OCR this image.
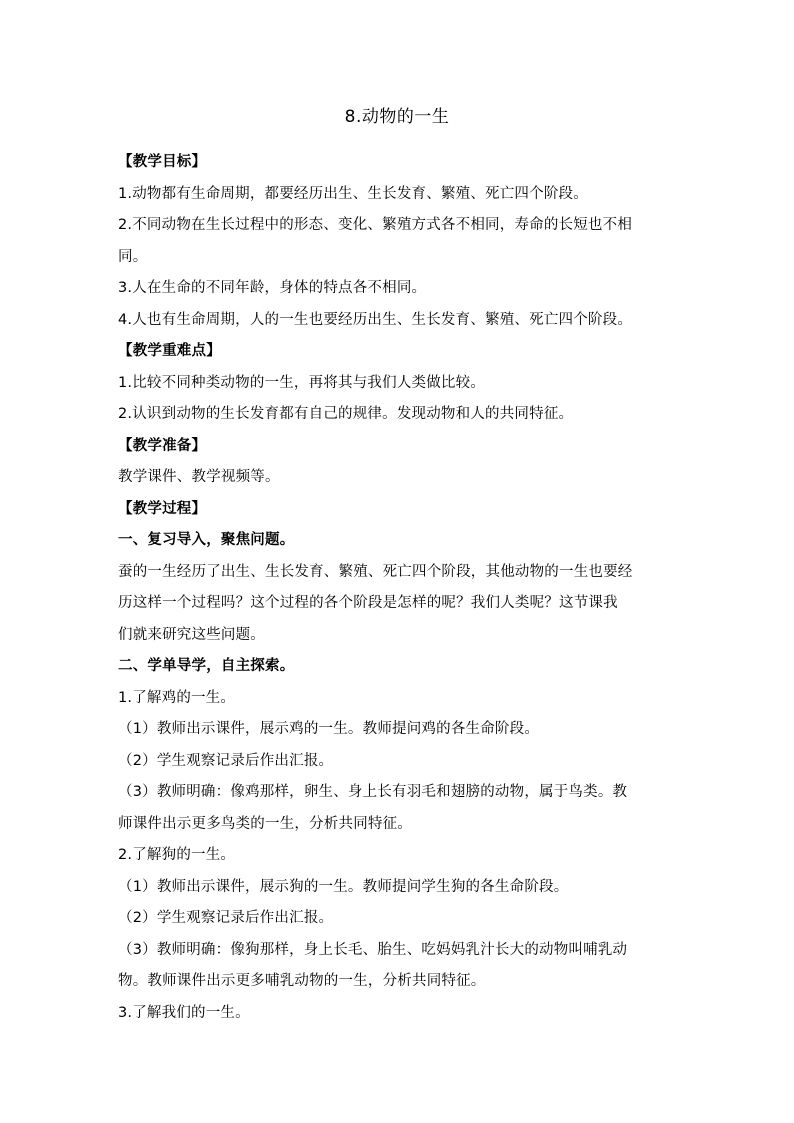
8.动物的一生
【教学目标】
1.动物都有生命周期，都要经历出生、生长发育、繁殖、死亡四个阶段。
2.不同动物在生长过程中的形态、变化、繁殖方式各不相同，寿命的长短也不相
同。
3.人在生命的不同年龄，身体的特点各不相同。
4.人也有生命周期，人的一生也要经历出生、生长发育、繁殖、死亡四个阶段。
【教学重难点】
1.比较不同种类动物的一生，再将其与我们人类做比较。
2.认识到动物的生长发育都有自己的规律。发现动物和人的共同特征。
【教学准备】
教学课件、教学视频等。
【教学过程】
一、复习导入，聚焦问题。
蚕的一生经历了出生、生长发育、繁殖、死亡四个阶段，其他动物的一生也要经
历这样一个过程吗？这个过程的各个阶段是怎样的呢？我们人类呢？这节课我
们就来研究这些问题。
二、学单导学，自主探索。
1.了解鸡的一生。
（1）教师出示课件，展示鸡的一生。教师提问鸡的各生命阶段。
（2）学生观察记录后作出汇报。
（3）教师明确：像鸡那样，卵生、身上长有羽毛和翅膀的动物，属于鸟类。教
师课件出示更多鸟类的一生，分析共同特征。
2.了解狗的一生。
（1）教师出示课件，展示狗的一生。教师提问学生狗的各生命阶段。
（2）学生观察记录后作出汇报。
（3）教师明确：像狗那样，身上长毛、胎生、吃妈妈乳汁长大的动物叫哺乳动
物。教师课件出示更多哺乳动物的一生，分析共同特征。
3.了解我们的一生。
